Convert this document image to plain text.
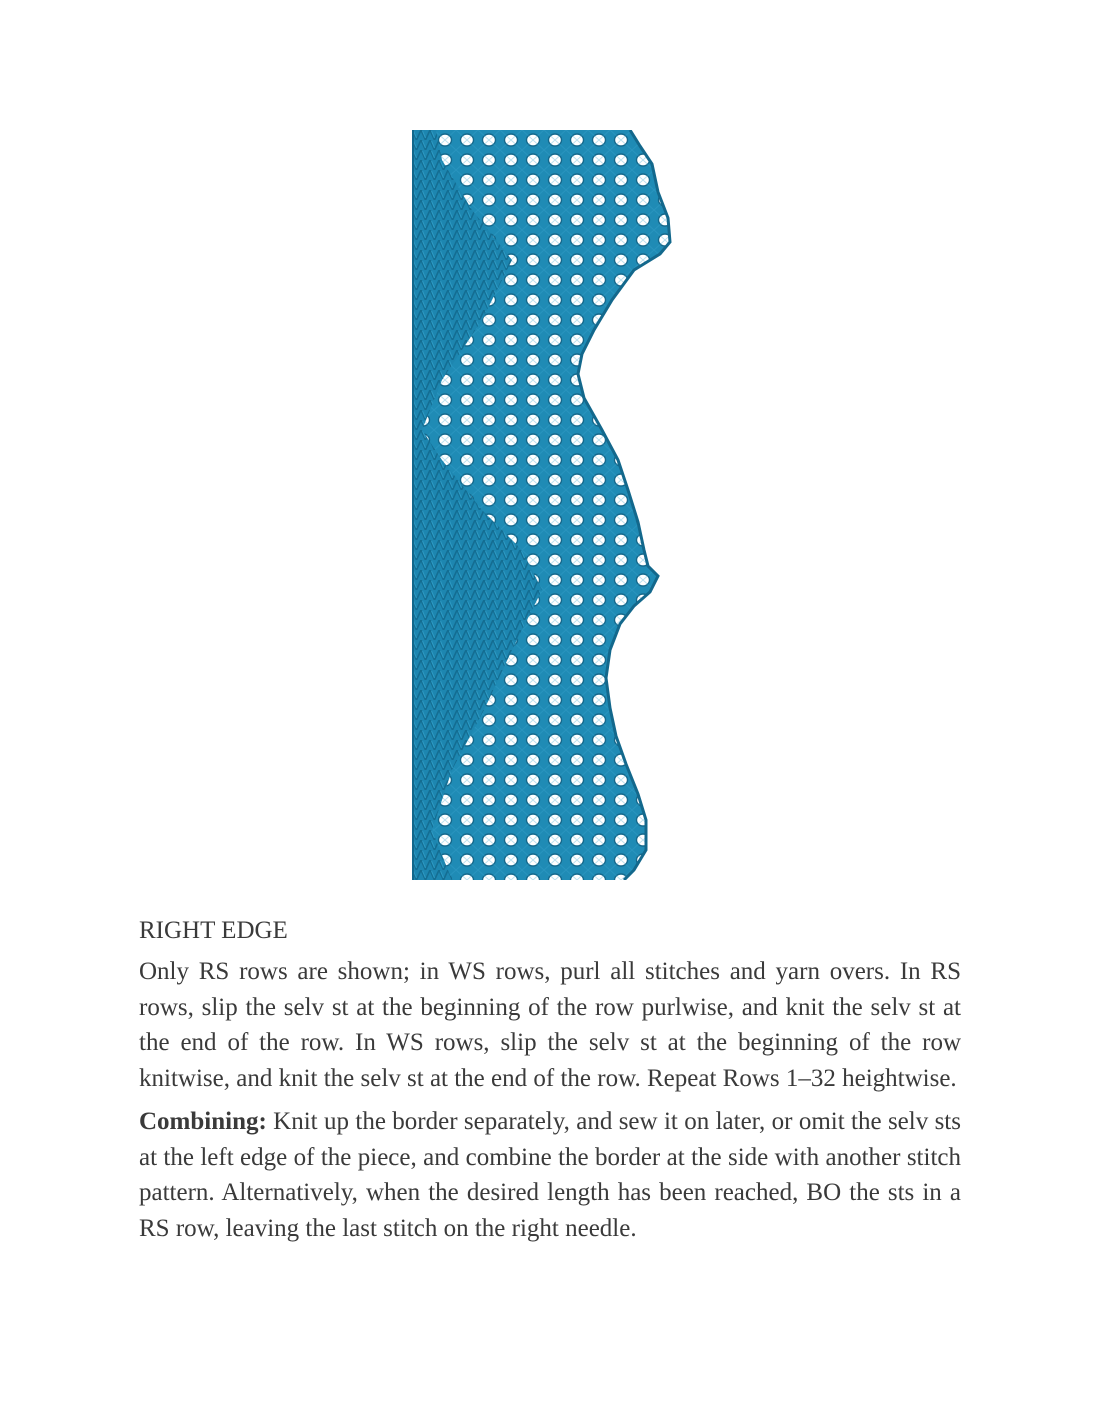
RIGHT EDGE

Only RS rows are shown; in WS rows, purl all stitches and yarn overs. In RS rows, slip the selv st at the beginning of the row purlwise, and knit the selv st at the end of the row. In WS rows, slip the selv st at the beginning of the row knitwise, and knit the selv st at the end of the row. Repeat Rows 1–32 heightwise.

Combining: Knit up the border separately, and sew it on later, or omit the selv sts at the left edge of the piece, and combine the border at the side with another stitch pattern. Alternatively, when the desired length has been reached, BO the sts in a RS row, leaving the last stitch on the right needle.
